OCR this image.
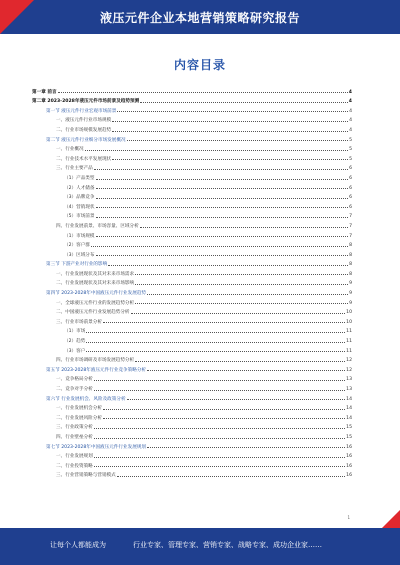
液压元件企业本地营销策略研究报告
内容目录
第一章 前言	4
第二章 2023-2028年液压元件市场前景及趋势预测	4
第一节 液压元件行业宏观市场前景	4
一、液压元件行业市场规模	4
二、行业市场规模发展趋势	4
第二节 液压元件行业细分市场发展概况	5
一、行业概况	5
二、行业技术水平发展现状	5
三、行业主要产品	6
（1）产品类型	6
（2）人才储备	6
（3）品牌竞争	6
（4）营销现状	6
（5）市场前景	7
四、行业发展前景、市场容量、区域分析	7
（1）市场规模	7
（2）客户群	8
（3）区域分布	8
第三节 下游产业对行业的影响	8
一、行业发展现状及其对未来市场需求	8
二、行业发展现状及其对未来市场影响	9
第四节 2023-2028年中国液压元件行业发展趋势	9
一、全球液压元件行业的发展趋势分析	9
二、中国液压元件行业发展趋势分析	10
三、行业市场前景分析	10
（1）市场	11
（2）趋势	11
（3）客户	11
四、行业市场调研及市场发展趋势分析	12
第五节 2023-2028年液压元件行业竞争策略分析	12
一、竞争格局分析	13
二、竞争对手分析	13
第六节 行业发展机会、风险及政策分析	14
一、行业发展机会分析	14
二、行业发展风险分析	14
三、行业政策分析	15
四、行业壁垒分析	15
第七节 2023-2028年中国液压元件行业发展规划	16
一、行业发展规划	16
二、行业投资策略	16
三、行业营销策略与营销模式	16
1
让每个人都能成为	行业专家、管理专家、营销专家、战略专家、成功企业家……
